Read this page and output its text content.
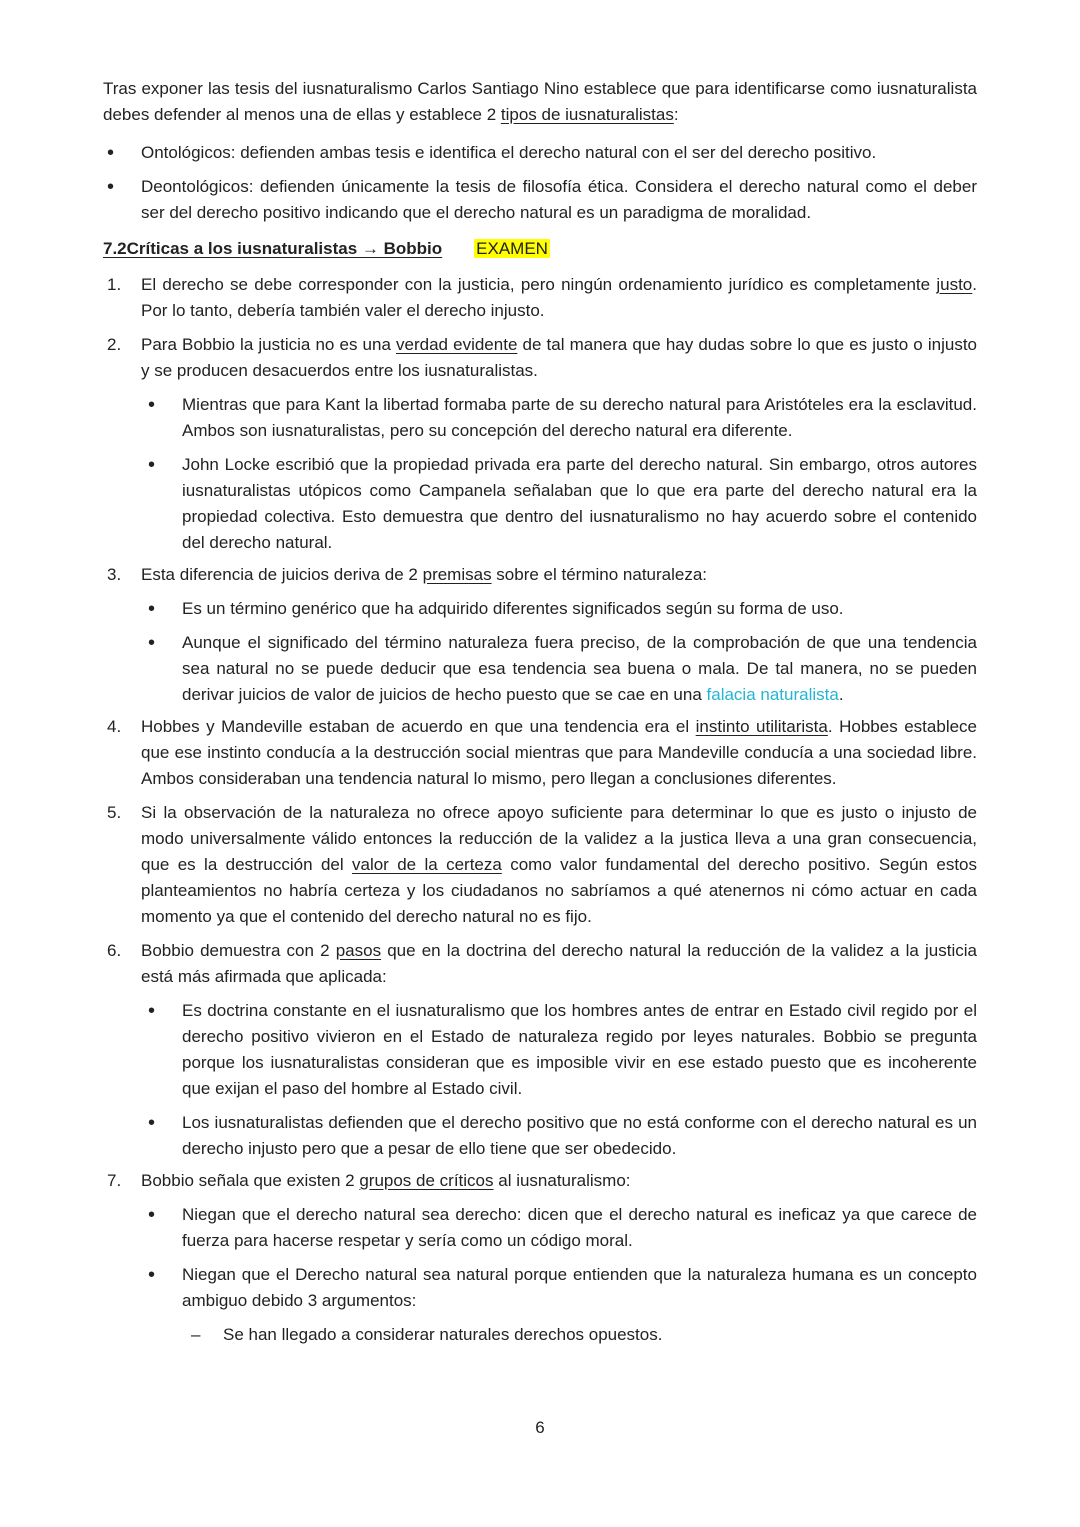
Tras exponer las tesis del iusnaturalismo Carlos Santiago Nino establece que para identificarse como iusnaturalista debes defender al menos una de ellas y establece 2 tipos de iusnaturalistas:

• Ontológicos: defienden ambas tesis e identifica el derecho natural con el ser del derecho positivo.

• Deontológicos: defienden únicamente la tesis de filosofía ética. Considera el derecho natural como el deber ser del derecho positivo indicando que el derecho natural es un paradigma de moralidad.

7.2Críticas a los iusnaturalistas → Bobbio EXAMEN

1. El derecho se debe corresponder con la justicia, pero ningún ordenamiento jurídico es completamente justo. Por lo tanto, debería también valer el derecho injusto.
2. Para Bobbio la justicia no es una verdad evidente de tal manera que hay dudas sobre lo que es justo o injusto y se producen desacuerdos entre los iusnaturalistas.

• Mientras que para Kant la libertad formaba parte de su derecho natural para Aristóteles era la esclavitud. Ambos son iusnaturalistas, pero su concepción del derecho natural era diferente.

• John Locke escribió que la propiedad privada era parte del derecho natural. Sin embargo, otros autores iusnaturalistas utópicos como Campanela señalaban que lo que era parte del derecho natural era la propiedad colectiva. Esto demuestra que dentro del iusnaturalismo no hay acuerdo sobre el contenido del derecho natural.

3. Esta diferencia de juicios deriva de 2 premisas sobre el término naturaleza:

• Es un término genérico que ha adquirido diferentes significados según su forma de uso.

• Aunque el significado del término naturaleza fuera preciso, de la comprobación de que una tendencia sea natural no se puede deducir que esa tendencia sea buena o mala. De tal manera, no se pueden derivar juicios de valor de juicios de hecho puesto que se cae en una falacia naturalista.

4. Hobbes y Mandeville estaban de acuerdo en que una tendencia era el instinto utilitarista. Hobbes establece que ese instinto conducía a la destrucción social mientras que para Mandeville conducía a una sociedad libre. Ambos consideraban una tendencia natural lo mismo, pero llegan a conclusiones diferentes.
5. Si la observación de la naturaleza no ofrece apoyo suficiente para determinar lo que es justo o injusto de modo universalmente válido entonces la reducción de la validez a la justica lleva a una gran consecuencia, que es la destrucción del valor de la certeza como valor fundamental del derecho positivo. Según estos planteamientos no habría certeza y los ciudadanos no sabríamos a qué atenernos ni cómo actuar en cada momento ya que el contenido del derecho natural no es fijo.
6. Bobbio demuestra con 2 pasos que en la doctrina del derecho natural la reducción de la validez a la justicia está más afirmada que aplicada:

• Es doctrina constante en el iusnaturalismo que los hombres antes de entrar en Estado civil regido por el derecho positivo vivieron en el Estado de naturaleza regido por leyes naturales. Bobbio se pregunta porque los iusnaturalistas consideran que es imposible vivir en ese estado puesto que es incoherente que exijan el paso del hombre al Estado civil.

• Los iusnaturalistas defienden que el derecho positivo que no está conforme con el derecho natural es un derecho injusto pero que a pesar de ello tiene que ser obedecido.

7. Bobbio señala que existen 2 grupos de críticos al iusnaturalismo:

• Niegan que el derecho natural sea derecho: dicen que el derecho natural es ineficaz ya que carece de fuerza para hacerse respetar y sería como un código moral.

• Niegan que el Derecho natural sea natural porque entienden que la naturaleza humana es un concepto ambiguo debido 3 argumentos:

– Se han llegado a considerar naturales derechos opuestos.

6
